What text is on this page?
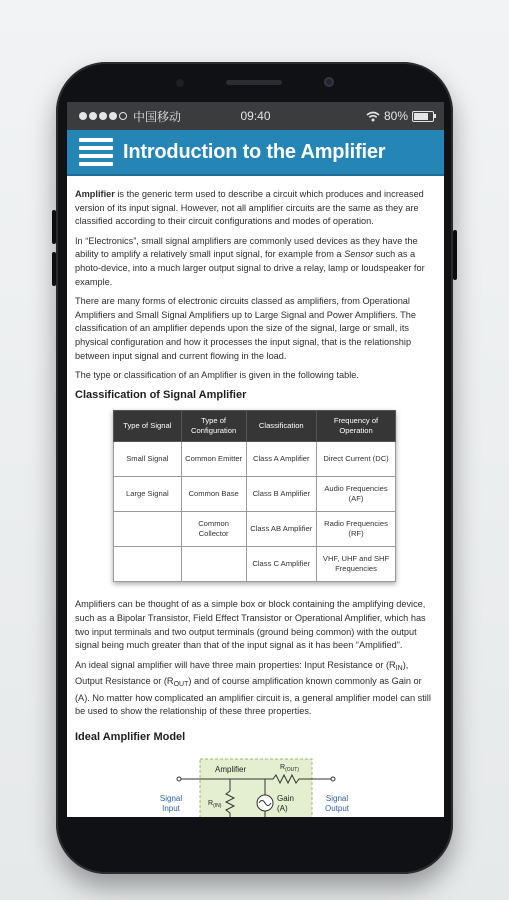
中国移动	09:40	80%
Introduction to the Amplifier

Amplifier is the generic term used to describe a circuit which produces and increased version of its input signal. However, not all amplifier circuits are the same as they are classified according to their circuit configurations and modes of operation.

In “Electronics”, small signal amplifiers are commonly used devices as they have the ability to amplify a relatively small input signal, for example from a Sensor such as a photo-device, into a much larger output signal to drive a relay, lamp or loudspeaker for example.

There are many forms of electronic circuits classed as amplifiers, from Operational Amplifiers and Small Signal Amplifiers up to Large Signal and Power Amplifiers. The classification of an amplifier depends upon the size of the signal, large or small, its physical configuration and how it processes the input signal, that is the relationship between input signal and current flowing in the load.

The type or classification of an Amplifier is given in the following table.

Classification of Signal Amplifier
Type of Signal	Type of Configuration	Classification	Frequency of Operation
Small Signal	Common Emitter	Class A Amplifier	Direct Current (DC)
Large Signal	Common Base	Class B Amplifier	Audio Frequencies (AF)
	Common Collector	Class AB Amplifier	Radio Frequencies (RF)
		Class C Amplifier	VHF, UHF and SHF Frequencies

Amplifiers can be thought of as a simple box or block containing the amplifying device, such as a Bipolar Transistor, Field Effect Transistor or Operational Amplifier, which has two input terminals and two output terminals (ground being common) with the output signal being much greater than that of the input signal as it has been “Amplified”.

An ideal signal amplifier will have three main properties: Input Resistance or $(R_{IN})$, Output Resistance or $(R_{OUT})$ and of course amplification known commonly as Gain or (A). No matter how complicated an amplifier circuit is, a general amplifier model can still be used to show the relationship of these three properties.

Ideal Amplifier Model
Amplifier
$R_{(IN)}$
Gain
(A)
$R_{(OUT)}$
Signal
Input
Signal
Output
